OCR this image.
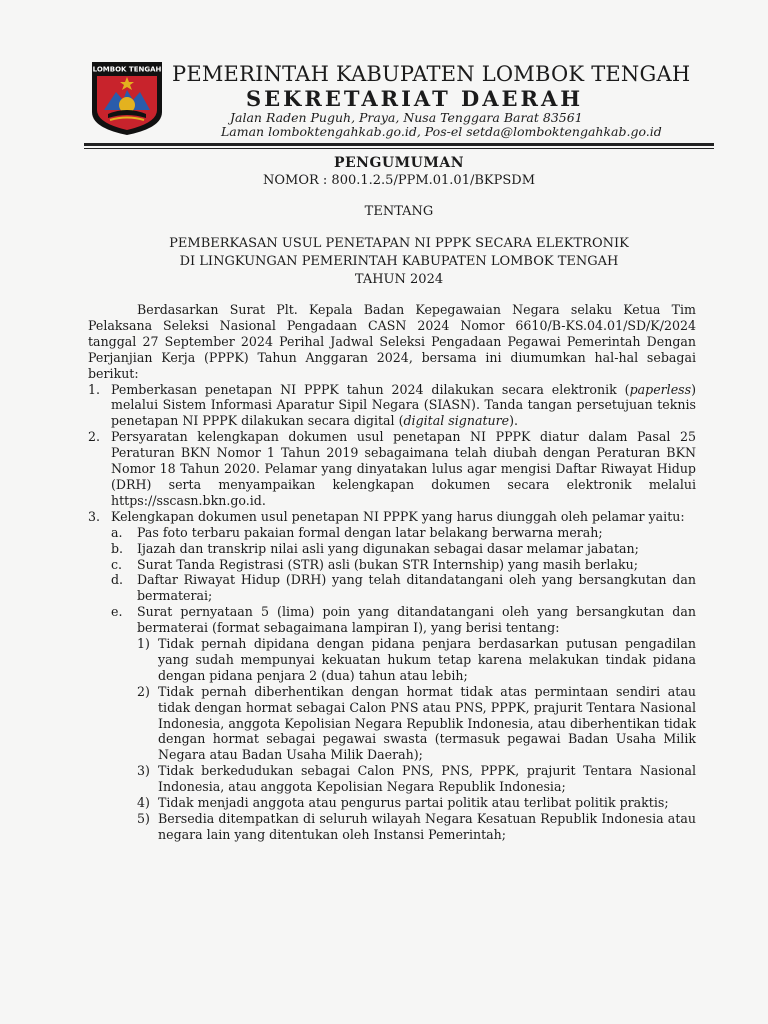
LOMBOK TENGAH PEMERINTAH KABUPATEN LOMBOK TENGAH
SEKRETARIAT DAERAH
Jalan Raden Puguh, Praya, Nusa Tenggara Barat 83561
Laman lomboktengahkab.go.id, Pos-el setda@lomboktengahkab.go.id
PENGUMUMAN
NOMOR : 800.1.2.5/PPM.01.01/BKPSDM
TENTANG
PEMBERKASAN USUL PENETAPAN NI PPPK SECARA ELEKTRONIK
DI LINGKUNGAN PEMERINTAH KABUPATEN LOMBOK TENGAH
TAHUN 2024

Berdasarkan Surat Plt. Kepala Badan Kepegawaian Negara selaku Ketua Tim Pelaksana Seleksi Nasional Pengadaan CASN 2024 Nomor 6610/B-KS.04.01/SD/K/2024 tanggal 27 September 2024 Perihal Jadwal Seleksi Pengadaan Pegawai Pemerintah Dengan Perjanjian Kerja (PPPK) Tahun Anggaran 2024, bersama ini diumumkan hal-hal sebagai berikut:

1. Pemberkasan penetapan NI PPPK tahun 2024 dilakukan secara elektronik (paperless) melalui Sistem Informasi Aparatur Sipil Negara (SIASN). Tanda tangan persetujuan teknis penetapan NI PPPK dilakukan secara digital (digital signature).
2. Persyaratan kelengkapan dokumen usul penetapan NI PPPK diatur dalam Pasal 25 Peraturan BKN Nomor 1 Tahun 2019 sebagaimana telah diubah dengan Peraturan BKN Nomor 18 Tahun 2020. Pelamar yang dinyatakan lulus agar mengisi Daftar Riwayat Hidup (DRH) serta menyampaikan kelengkapan dokumen secara elektronik melalui https://sscasn.bkn.go.id.
3. Kelengkapan dokumen usul penetapan NI PPPK yang harus diunggah oleh pelamar yaitu:
a. Pas foto terbaru pakaian formal dengan latar belakang berwarna merah;
b. Ijazah dan transkrip nilai asli yang digunakan sebagai dasar melamar jabatan;
c. Surat Tanda Registrasi (STR) asli (bukan STR Internship) yang masih berlaku;
d. Daftar Riwayat Hidup (DRH) yang telah ditandatangani oleh yang bersangkutan dan bermaterai;
e. Surat pernyataan 5 (lima) poin yang ditandatangani oleh yang bersangkutan dan bermaterai (format sebagaimana lampiran I), yang berisi tentang:
1) Tidak pernah dipidana dengan pidana penjara berdasarkan putusan pengadilan yang sudah mempunyai kekuatan hukum tetap karena melakukan tindak pidana dengan pidana penjara 2 (dua) tahun atau lebih;
2) Tidak pernah diberhentikan dengan hormat tidak atas permintaan sendiri atau tidak dengan hormat sebagai Calon PNS atau PNS, PPPK, prajurit Tentara Nasional Indonesia, anggota Kepolisian Negara Republik Indonesia, atau diberhentikan tidak dengan hormat sebagai pegawai swasta (termasuk pegawai Badan Usaha Milik Negara atau Badan Usaha Milik Daerah);
3) Tidak berkedudukan sebagai Calon PNS, PNS, PPPK, prajurit Tentara Nasional Indonesia, atau anggota Kepolisian Negara Republik Indonesia;
4) Tidak menjadi anggota atau pengurus partai politik atau terlibat politik praktis;
5) Bersedia ditempatkan di seluruh wilayah Negara Kesatuan Republik Indonesia atau negara lain yang ditentukan oleh Instansi Pemerintah;
